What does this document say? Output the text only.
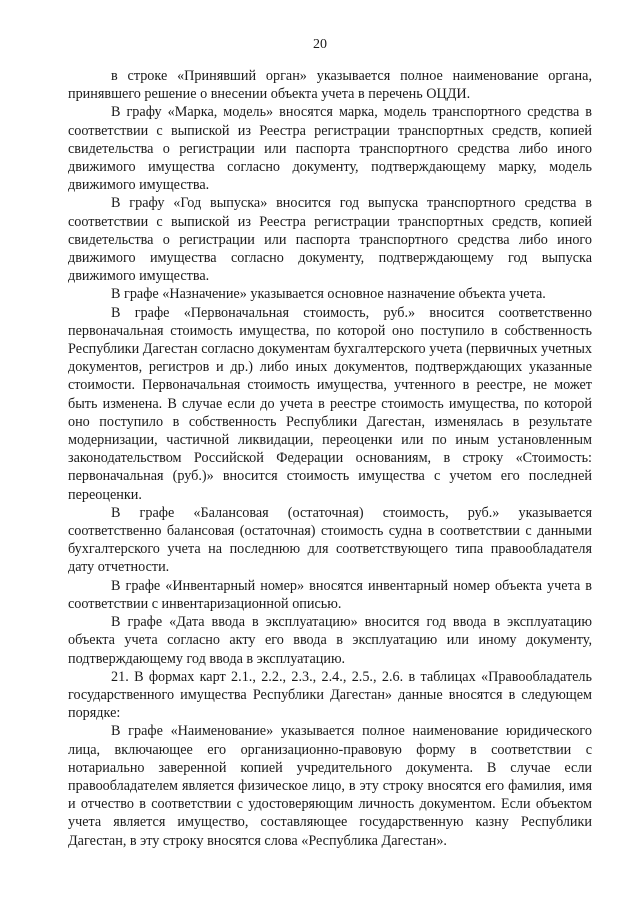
20

в строке «Принявший орган» указывается полное наименование органа, принявшего решение о внесении объекта учета в перечень ОЦДИ.

В графу «Марка, модель» вносятся марка, модель транспортного средства в соответствии с выпиской из Реестра регистрации транспортных средств, копией свидетельства о регистрации или паспорта транспортного средства либо иного движимого имущества согласно документу, подтверждающему марку, модель движимого имущества.

В графу «Год выпуска» вносится год выпуска транспортного средства в соответствии с выпиской из Реестра регистрации транспортных средств, копией свидетельства о регистрации или паспорта транспортного средства либо иного движимого имущества согласно документу, подтверждающему год выпуска движимого имущества.

В графе «Назначение» указывается основное назначение объекта учета.

В графе «Первоначальная стоимость, руб.» вносится соответственно первоначальная стоимость имущества, по которой оно поступило в собственность Республики Дагестан согласно документам бухгалтерского учета (первичных учетных документов, регистров и др.) либо иных документов, подтверждающих указанные стоимости. Первоначальная стоимость имущества, учтенного в реестре, не может быть изменена. В случае если до учета в реестре стоимость имущества, по которой оно поступило в собственность Республики Дагестан, изменялась в результате модернизации, частичной ликвидации, переоценки или по иным установленным законодательством Российской Федерации основаниям, в строку «Стоимость: первоначальная (руб.)» вносится стоимость имущества с учетом его последней переоценки.

В графе «Балансовая (остаточная) стоимость, руб.» указывается соответственно балансовая (остаточная) стоимость судна в соответствии с данными бухгалтерского учета на последнюю для соответствующего типа правообладателя дату отчетности.

В графе «Инвентарный номер» вносятся инвентарный номер объекта учета в соответствии с инвентаризационной описью.

В графе «Дата ввода в эксплуатацию» вносится год ввода в эксплуатацию объекта учета согласно акту его ввода в эксплуатацию или иному документу, подтверждающему год ввода в эксплуатацию.

21. В формах карт 2.1., 2.2., 2.3., 2.4., 2.5., 2.6. в таблицах «Правообладатель государственного имущества Республики Дагестан» данные вносятся в следующем порядке:

В графе «Наименование» указывается полное наименование юридического лица, включающее его организационно-правовую форму в соответствии с нотариально заверенной копией учредительного документа. В случае если правообладателем является физическое лицо, в эту строку вносятся его фамилия, имя и отчество в соответствии с удостоверяющим личность документом. Если объектом учета является имущество, составляющее государственную казну Республики Дагестан, в эту строку вносятся слова «Республика Дагестан».
